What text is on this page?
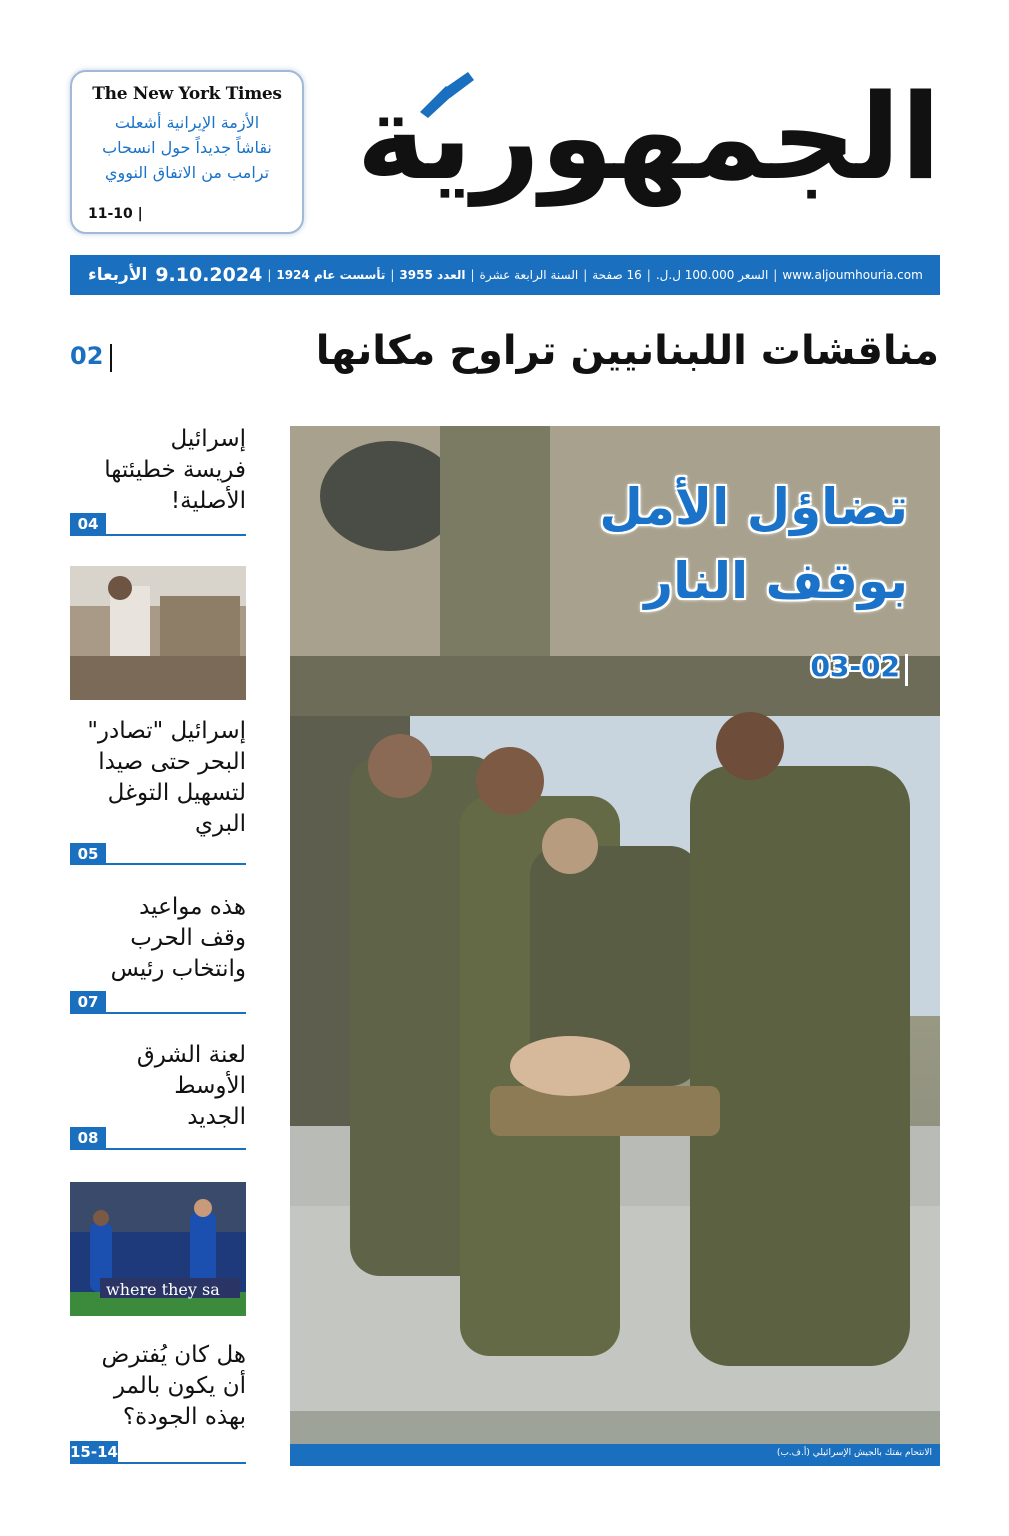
The New York Times
الأزمة الإيرانية أشعلت
نقاشاً جديداً حول انسحاب
ترامب من الاتفاق النووي
11-10 |
الجمهورية
الأربعاء 9.10.2024 | تأسست عام 1924 | العدد 3955 | السنة الرابعة عشرة | 16 صفحة | السعر 100.000 ل.ل. | www.aljoumhouria.com
مناقشات اللبنانيين تراوح مكانها
02
تضاؤل الأمل
بوقف النار
03-02
الانتحام بفتك بالجيش الإسرائيلي (أ.ف.ب)
إسرائيل
فريسة خطيئتها
الأصلية!
04
إسرائيل "تصادر"
البحر حتى صيدا
لتسهيل التوغل
البري
05
هذه مواعيد
وقف الحرب
وانتخاب رئيس
07
لعنة الشرق
الأوسط
الجديد
08
where they sa
هل كان يُفترض
أن يكون بالمر
بهذه الجودة؟
15-14
